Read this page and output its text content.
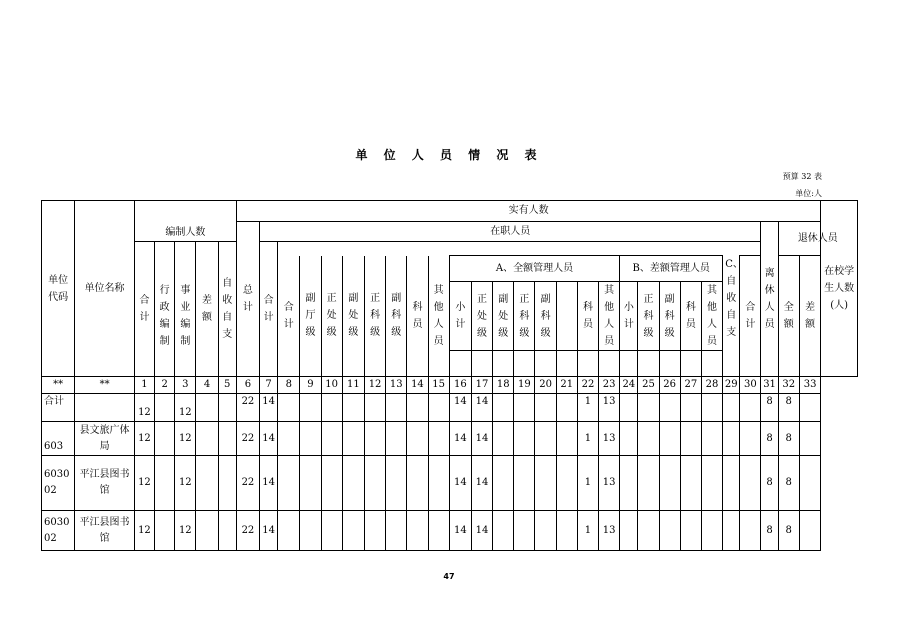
单 位 人 员 情 况 表
预算 32 表
单位:人
单位代码	单位名称	编制人数					实有人数																												在校学生人数(人)
							总计	在职人员																								离休人员	退休人员		
		合计			差额	自收自支		合计																											
			行政编制	事业编制					合计	副厅级	正处级	副处级	正科级	副科级	科员	其他人员	A、全额管理人员								B、差额管理人员					C、自收自支	合计		全额	差额	
																	小计	正处级	副处级	正科级	副科级		科员	其他人员	小计	正科级	副科级	科员	其他人员						

**	**	1	2	3	4	5	6	7	8	9	10	11	12	13	14	15	16	17	18	19	20	21	22	23	24	25	26	27	28	29	30	31	32	33	
合计		12		12			22	14									14	14					1	13								8	8		
603	县文旅广体局	12		12			22	14									14	14					1	13								8	8		
603002	平江县图书馆	12		12			22	14									14	14					1	13								8	8		
603002	平江县图书馆	12		12			22	14									14	14					1	13								8	8		
47
